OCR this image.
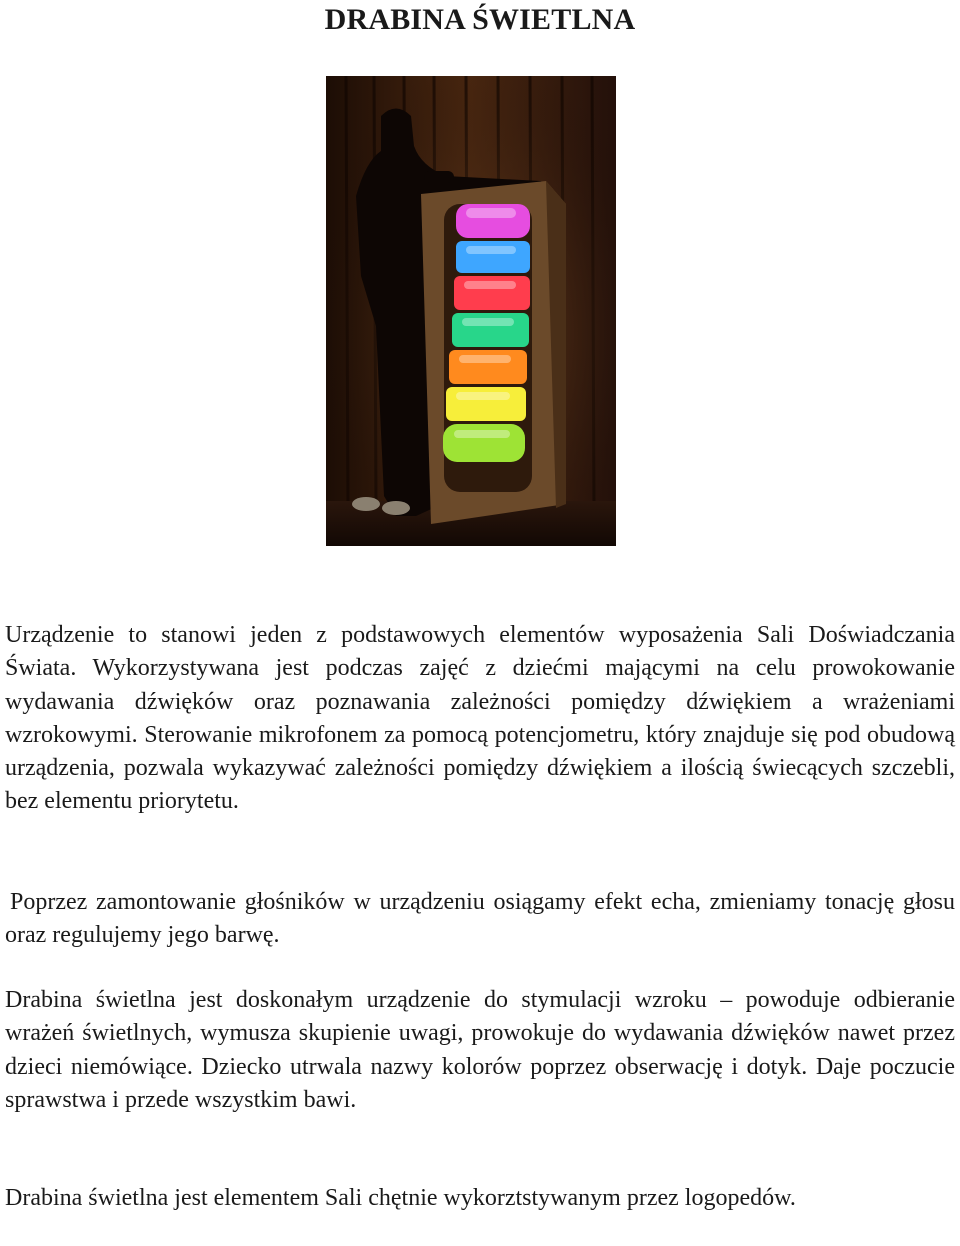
DRABINA ŚWIETLNA

Urządzenie to stanowi jeden z podstawowych elementów wyposażenia Sali Doświadczania Świata. Wykorzystywana jest podczas zajęć z dziećmi mającymi na celu prowokowanie wydawania dźwięków oraz poznawania zależności pomiędzy dźwiękiem a wrażeniami wzrokowymi. Sterowanie mikrofonem za pomocą potencjometru, który znajduje się pod obudową urządzenia, pozwala wykazywać zależności pomiędzy dźwiękiem a ilością świecących szczebli, bez elementu priorytetu.

Poprzez zamontowanie głośników w urządzeniu osiągamy efekt echa, zmieniamy tonację głosu oraz regulujemy jego barwę.

Drabina świetlna jest doskonałym urządzenie do stymulacji wzroku – powoduje odbieranie wrażeń świetlnych, wymusza skupienie uwagi, prowokuje do wydawania dźwięków nawet przez dzieci niemówiące. Dziecko utrwala nazwy kolorów poprzez obserwację i dotyk. Daje poczucie sprawstwa i przede wszystkim bawi.

Drabina świetlna jest elementem Sali chętnie wykorztstywanym przez logopedów.
